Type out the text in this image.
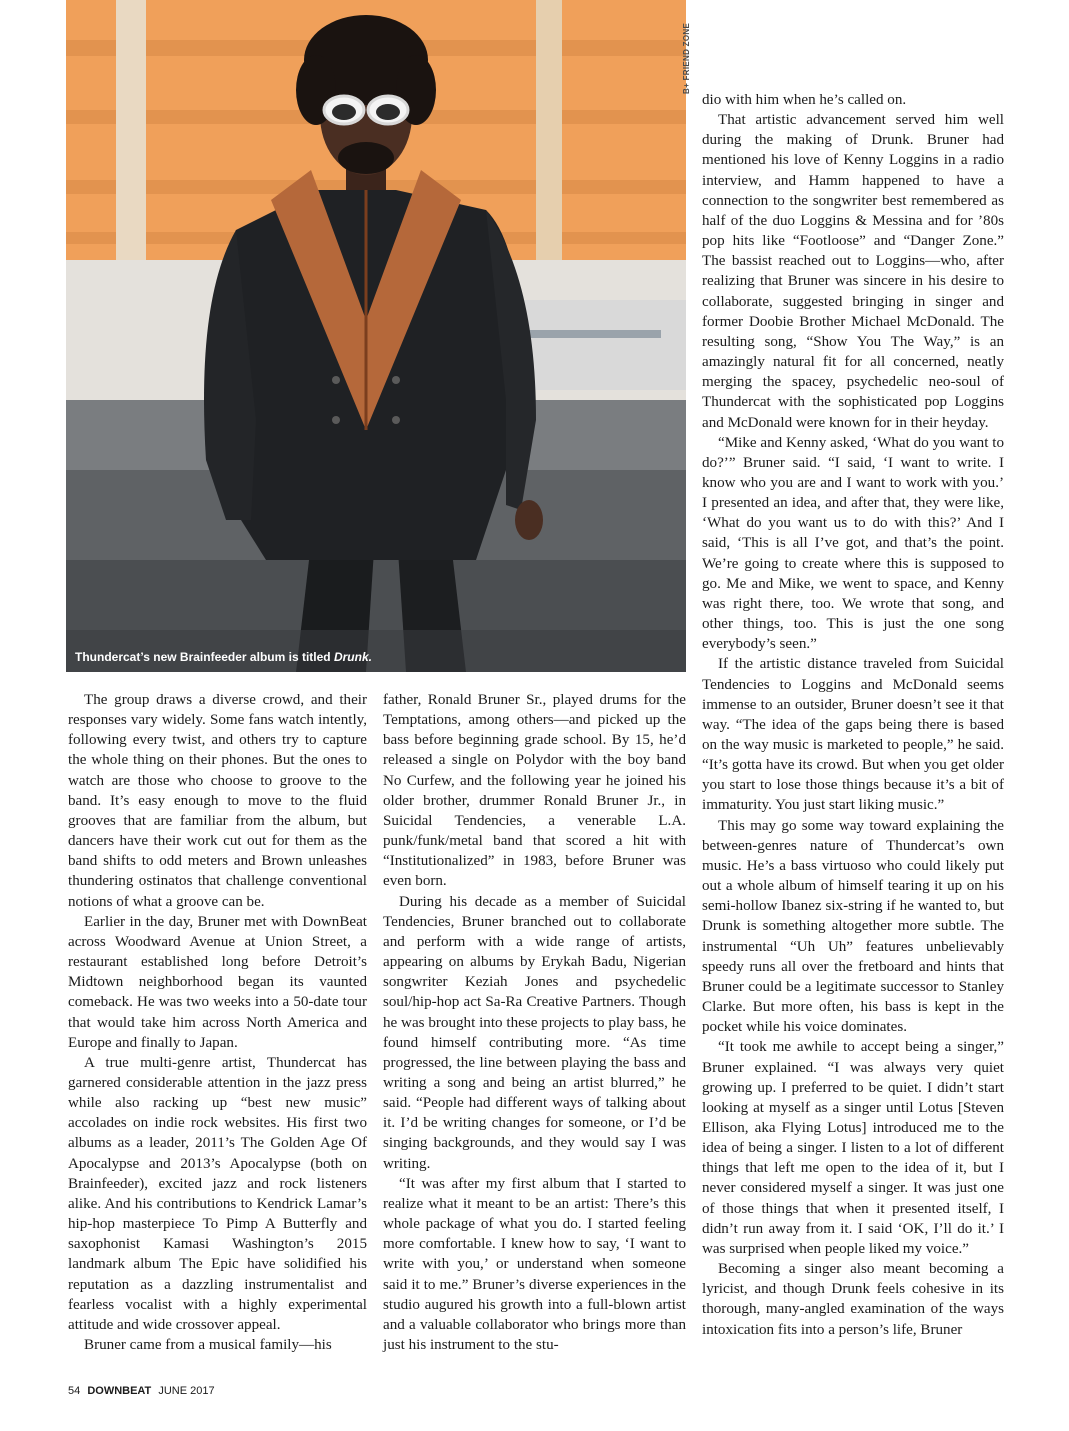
B+ FRIEND ZONE
Thundercat’s new Brainfeeder album is titled Drunk.

The group draws a diverse crowd, and their responses vary widely. Some fans watch intently, following every twist, and others try to capture the whole thing on their phones. But the ones to watch are those who choose to groove to the band. It’s easy enough to move to the fluid grooves that are familiar from the album, but dancers have their work cut out for them as the band shifts to odd meters and Brown unleashes thundering ostinatos that challenge conventional notions of what a groove can be.

Earlier in the day, Bruner met with DownBeat across Woodward Avenue at Union Street, a restaurant established long before Detroit’s Midtown neighborhood began its vaunted comeback. He was two weeks into a 50-date tour that would take him across North America and Europe and finally to Japan.

A true multi-genre artist, Thundercat has garnered considerable attention in the jazz press while also racking up “best new music” accolades on indie rock websites. His first two albums as a leader, 2011’s The Golden Age Of Apocalypse and 2013’s Apocalypse (both on Brainfeeder), excited jazz and rock listeners alike. And his contributions to Kendrick Lamar’s hip-hop masterpiece To Pimp A Butterfly and saxophonist Kamasi Washington’s 2015 landmark album The Epic have solidified his reputation as a dazzling instrumentalist and fearless vocalist with a highly experimental attitude and wide crossover appeal.

Bruner came from a musical family—his

father, Ronald Bruner Sr., played drums for the Temptations, among others—and picked up the bass before beginning grade school. By 15, he’d released a single on Polydor with the boy band No Curfew, and the following year he joined his older brother, drummer Ronald Bruner Jr., in Suicidal Tendencies, a venerable L.A. punk/funk/metal band that scored a hit with “Institutionalized” in 1983, before Bruner was even born.

During his decade as a member of Suicidal Tendencies, Bruner branched out to collaborate and perform with a wide range of artists, appearing on albums by Erykah Badu, Nigerian songwriter Keziah Jones and psychedelic soul/hip-hop act Sa-Ra Creative Partners. Though he was brought into these projects to play bass, he found himself contributing more. “As time progressed, the line between playing the bass and writing a song and being an artist blurred,” he said. “People had different ways of talking about it. I’d be writing changes for someone, or I’d be singing backgrounds, and they would say I was writing.

“It was after my first album that I started to realize what it meant to be an artist: There’s this whole package of what you do. I started feeling more comfortable. I knew how to say, ‘I want to write with you,’ or understand when someone said it to me.” Bruner’s diverse experiences in the studio augured his growth into a full-blown artist and a valuable collaborator who brings more than just his instrument to the stu-

dio with him when he’s called on.

That artistic advancement served him well during the making of Drunk. Bruner had mentioned his love of Kenny Loggins in a radio interview, and Hamm happened to have a connection to the songwriter best remembered as half of the duo Loggins & Messina and for ’80s pop hits like “Footloose” and “Danger Zone.” The bassist reached out to Loggins—who, after realizing that Bruner was sincere in his desire to collaborate, suggested bringing in singer and former Doobie Brother Michael McDonald. The resulting song, “Show You The Way,” is an amazingly natural fit for all concerned, neatly merging the spacey, psychedelic neo-soul of Thundercat with the sophisticated pop Loggins and McDonald were known for in their heyday.

“Mike and Kenny asked, ‘What do you want to do?’” Bruner said. “I said, ‘I want to write. I know who you are and I want to work with you.’ I presented an idea, and after that, they were like, ‘What do you want us to do with this?’ And I said, ‘This is all I’ve got, and that’s the point. We’re going to create where this is supposed to go. Me and Mike, we went to space, and Kenny was right there, too. We wrote that song, and other things, too. This is just the one song everybody’s seen.”

If the artistic distance traveled from Suicidal Tendencies to Loggins and McDonald seems immense to an outsider, Bruner doesn’t see it that way. “The idea of the gaps being there is based on the way music is marketed to people,” he said. “It’s gotta have its crowd. But when you get older you start to lose those things because it’s a bit of immaturity. You just start liking music.”

This may go some way toward explaining the between-genres nature of Thundercat’s own music. He’s a bass virtuoso who could likely put out a whole album of himself tearing it up on his semi-hollow Ibanez six-string if he wanted to, but Drunk is something altogether more subtle. The instrumental “Uh Uh” features unbelievably speedy runs all over the fretboard and hints that Bruner could be a legitimate successor to Stanley Clarke. But more often, his bass is kept in the pocket while his voice dominates.

“It took me awhile to accept being a singer,” Bruner explained. “I was always very quiet growing up. I preferred to be quiet. I didn’t start looking at myself as a singer until Lotus [Steven Ellison, aka Flying Lotus] introduced me to the idea of being a singer. I listen to a lot of different things that left me open to the idea of it, but I never considered myself a singer. It was just one of those things that when it presented itself, I didn’t run away from it. I said ‘OK, I’ll do it.’ I was surprised when people liked my voice.”

Becoming a singer also meant becoming a lyricist, and though Drunk feels cohesive in its thorough, many-angled examination of the ways intoxication fits into a person’s life, Bruner

54 DOWNBEAT JUNE 2017
